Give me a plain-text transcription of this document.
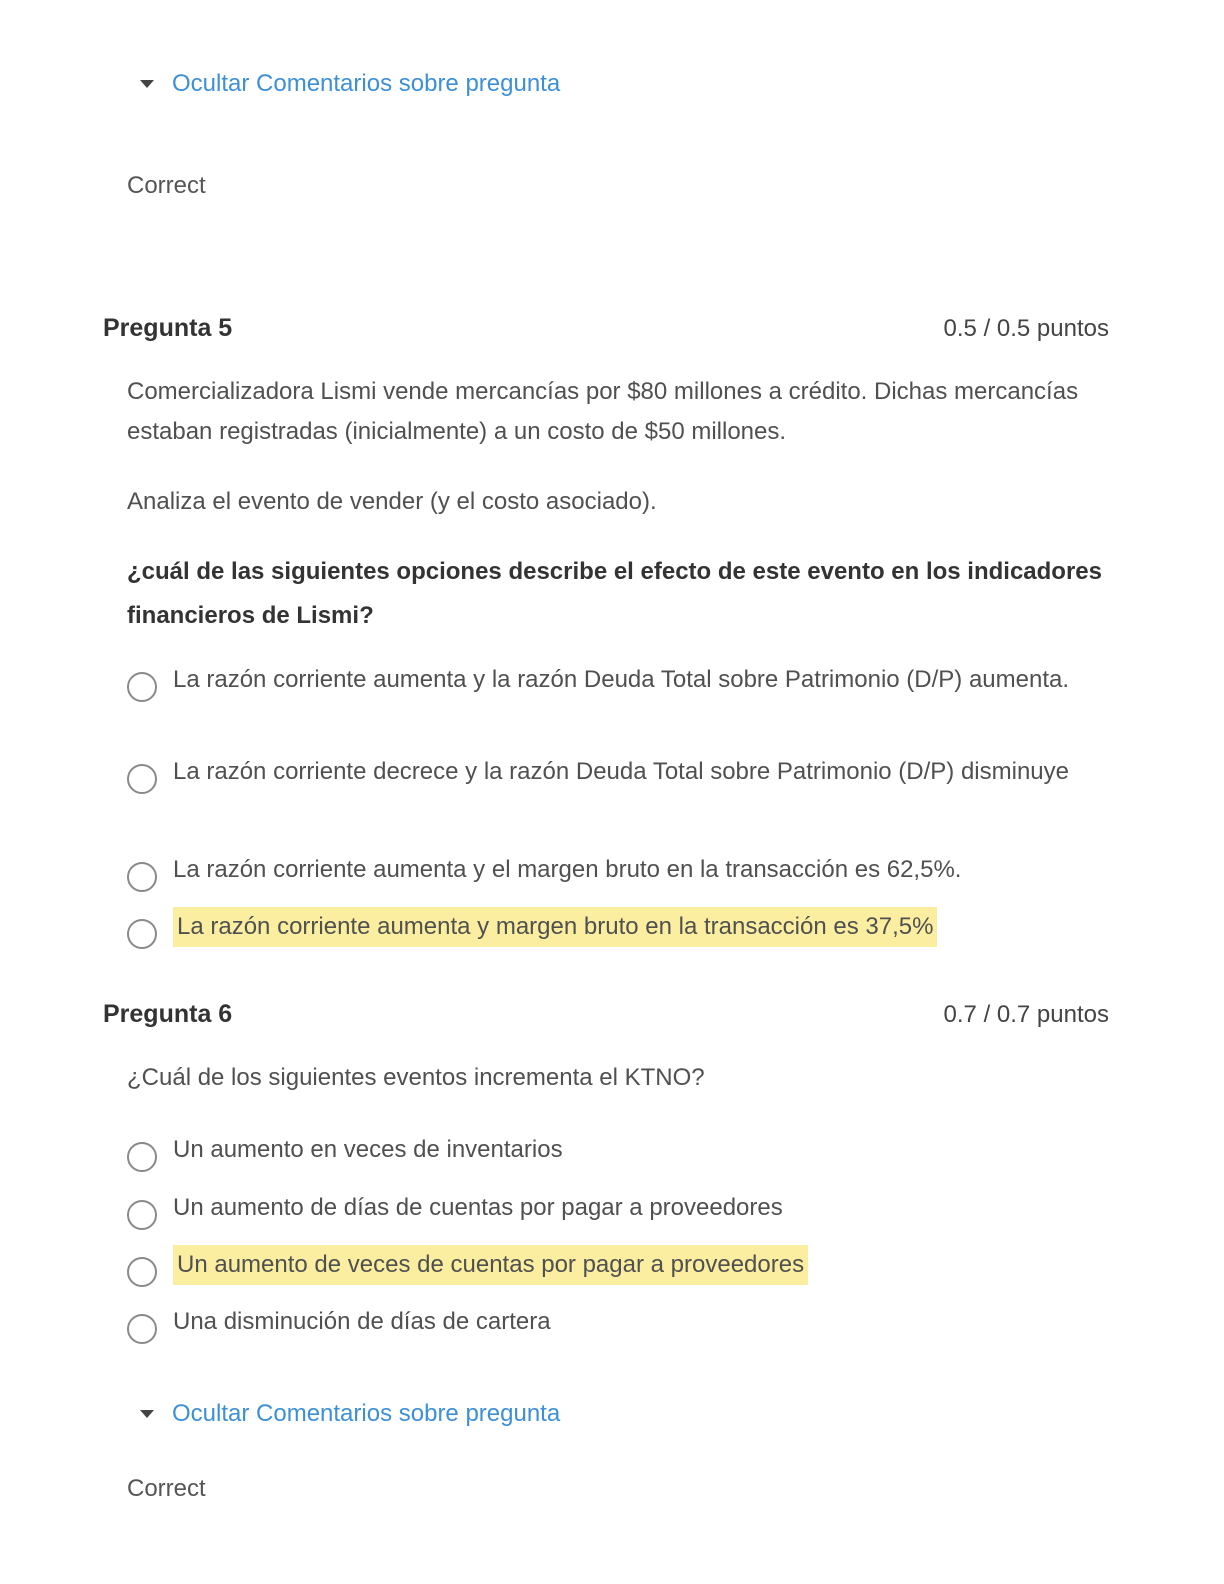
Ocultar Comentarios sobre pregunta
Correct
Pregunta 5	0.5 / 0.5 puntos

Comercializadora Lismi vende mercancías por $80 millones a crédito. Dichas mercancías estaban registradas (inicialmente) a un costo de $50 millones.

Analiza el evento de vender (y el costo asociado).

¿cuál de las siguientes opciones describe el efecto de este evento en los indicadores financieros de Lismi?

La razón corriente aumenta y la razón Deuda Total sobre Patrimonio (D/P) aumenta.
La razón corriente decrece y la razón Deuda Total sobre Patrimonio (D/P) disminuye
La razón corriente aumenta y el margen bruto en la transacción es 62,5%.
La razón corriente aumenta y margen bruto en la transacción es 37,5%
Pregunta 6	0.7 / 0.7 puntos

¿Cuál de los siguientes eventos incrementa el KTNO?

Un aumento en veces de inventarios
Un aumento de días de cuentas por pagar a proveedores
Un aumento de veces de cuentas por pagar a proveedores
Una disminución de días de cartera
Ocultar Comentarios sobre pregunta
Correct
